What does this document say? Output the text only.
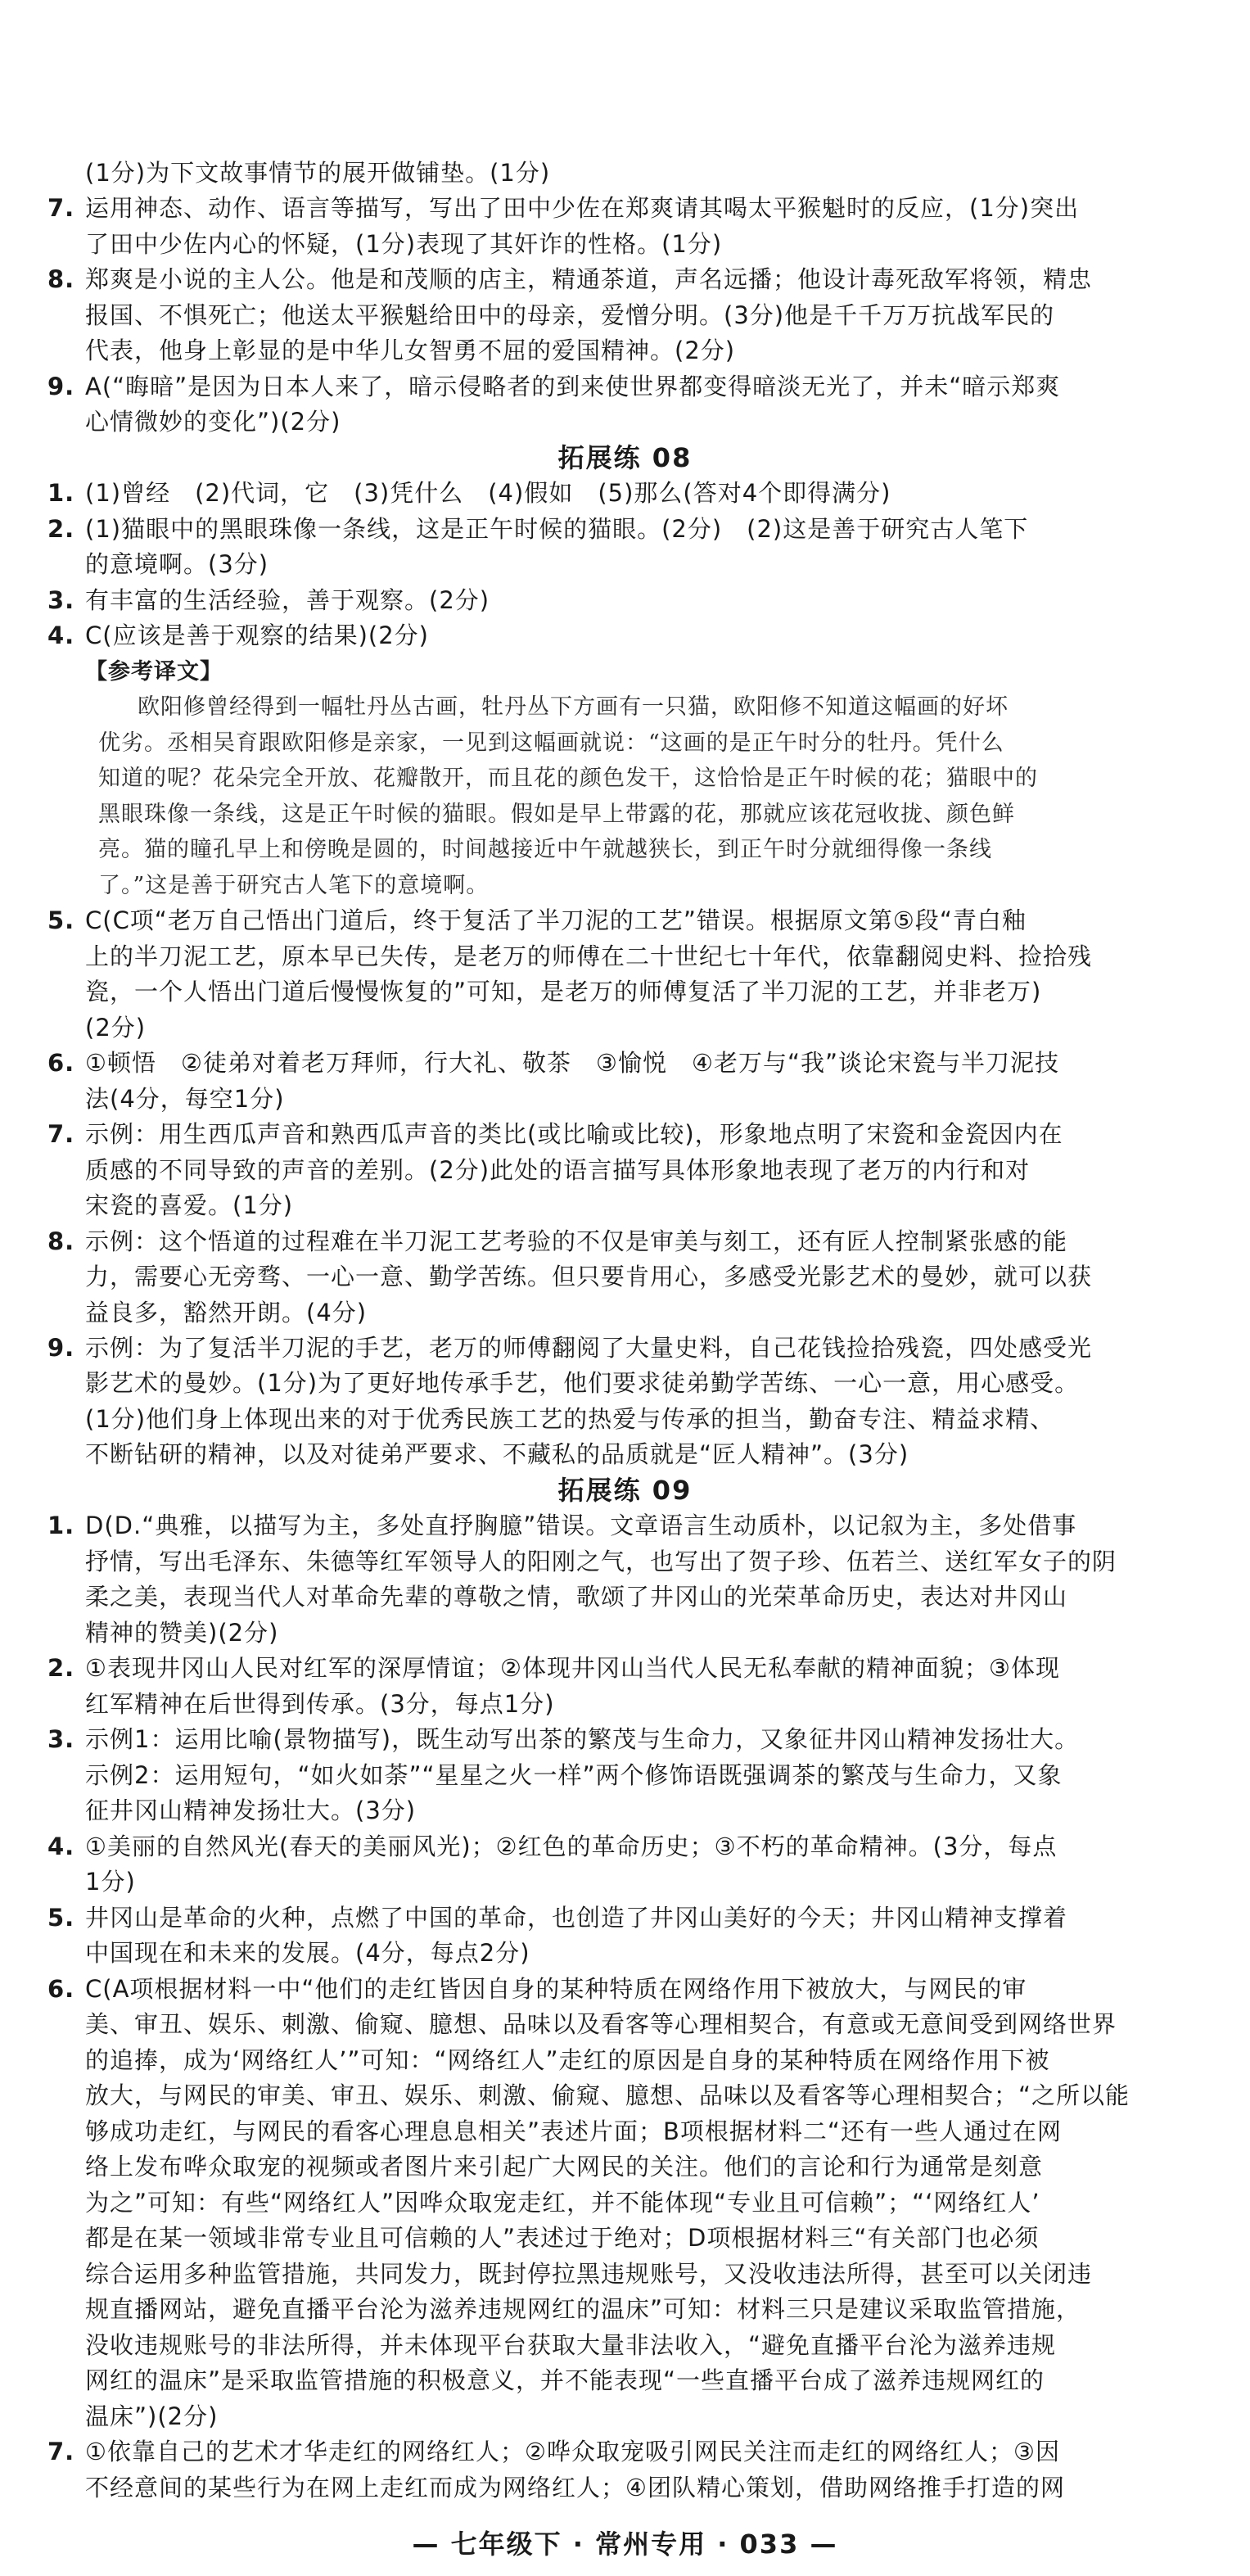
(1分)为下文故事情节的展开做铺垫。(1分)
7. 运用神态、动作、语言等描写，写出了田中少佐在郑爽请其喝太平猴魁时的反应，(1分)突出
了田中少佐内心的怀疑，(1分)表现了其奸诈的性格。(1分)
8. 郑爽是小说的主人公。他是和茂顺的店主，精通茶道，声名远播；他设计毒死敌军将领，精忠
报国、不惧死亡；他送太平猴魁给田中的母亲，爱憎分明。(3分)他是千千万万抗战军民的
代表，他身上彰显的是中华儿女智勇不屈的爱国精神。(2分)
9. A(“晦暗”是因为日本人来了，暗示侵略者的到来使世界都变得暗淡无光了，并未“暗示郑爽
心情微妙的变化”)(2分)
拓展练 08
1. (1)曾经　(2)代词，它　(3)凭什么　(4)假如　(5)那么(答对4个即得满分)
2. (1)猫眼中的黑眼珠像一条线，这是正午时候的猫眼。(2分)　(2)这是善于研究古人笔下
的意境啊。(3分)
3. 有丰富的生活经验，善于观察。(2分)
4. C(应该是善于观察的结果)(2分)
【参考译文】
欧阳修曾经得到一幅牡丹丛古画，牡丹丛下方画有一只猫，欧阳修不知道这幅画的好坏
优劣。丞相吴育跟欧阳修是亲家，一见到这幅画就说：“这画的是正午时分的牡丹。凭什么
知道的呢？花朵完全开放、花瓣散开，而且花的颜色发干，这恰恰是正午时候的花；猫眼中的
黑眼珠像一条线，这是正午时候的猫眼。假如是早上带露的花，那就应该花冠收拢、颜色鲜
亮。猫的瞳孔早上和傍晚是圆的，时间越接近中午就越狭长，到正午时分就细得像一条线
了。”这是善于研究古人笔下的意境啊。
5. C(C项“老万自己悟出门道后，终于复活了半刀泥的工艺”错误。根据原文第⑤段“青白釉
上的半刀泥工艺，原本早已失传，是老万的师傅在二十世纪七十年代，依靠翻阅史料、捡拾残
瓷，一个人悟出门道后慢慢恢复的”可知，是老万的师傅复活了半刀泥的工艺，并非老万)
(2分)
6. ①顿悟　②徒弟对着老万拜师，行大礼、敬茶　③愉悦　④老万与“我”谈论宋瓷与半刀泥技
法(4分，每空1分)
7. 示例：用生西瓜声音和熟西瓜声音的类比(或比喻或比较)，形象地点明了宋瓷和金瓷因内在
质感的不同导致的声音的差别。(2分)此处的语言描写具体形象地表现了老万的内行和对
宋瓷的喜爱。(1分)
8. 示例：这个悟道的过程难在半刀泥工艺考验的不仅是审美与刻工，还有匠人控制紧张感的能
力，需要心无旁骛、一心一意、勤学苦练。但只要肯用心，多感受光影艺术的曼妙，就可以获
益良多，豁然开朗。(4分)
9. 示例：为了复活半刀泥的手艺，老万的师傅翻阅了大量史料，自己花钱捡拾残瓷，四处感受光
影艺术的曼妙。(1分)为了更好地传承手艺，他们要求徒弟勤学苦练、一心一意，用心感受。
(1分)他们身上体现出来的对于优秀民族工艺的热爱与传承的担当，勤奋专注、精益求精、
不断钻研的精神，以及对徒弟严要求、不藏私的品质就是“匠人精神”。(3分)
拓展练 09
1. D(D.“典雅，以描写为主，多处直抒胸臆”错误。文章语言生动质朴，以记叙为主，多处借事
抒情，写出毛泽东、朱德等红军领导人的阳刚之气，也写出了贺子珍、伍若兰、送红军女子的阴
柔之美，表现当代人对革命先辈的尊敬之情，歌颂了井冈山的光荣革命历史，表达对井冈山
精神的赞美)(2分)
2. ①表现井冈山人民对红军的深厚情谊；②体现井冈山当代人民无私奉献的精神面貌；③体现
红军精神在后世得到传承。(3分，每点1分)
3. 示例1：运用比喻(景物描写)，既生动写出茶的繁茂与生命力，又象征井冈山精神发扬壮大。
示例2：运用短句，“如火如荼”“星星之火一样”两个修饰语既强调茶的繁茂与生命力，又象
征井冈山精神发扬壮大。(3分)
4. ①美丽的自然风光(春天的美丽风光)；②红色的革命历史；③不朽的革命精神。(3分，每点
1分)
5. 井冈山是革命的火种，点燃了中国的革命，也创造了井冈山美好的今天；井冈山精神支撑着
中国现在和未来的发展。(4分，每点2分)
6. C(A项根据材料一中“他们的走红皆因自身的某种特质在网络作用下被放大，与网民的审
美、审丑、娱乐、刺激、偷窥、臆想、品味以及看客等心理相契合，有意或无意间受到网络世界
的追捧，成为‘网络红人’”可知：“网络红人”走红的原因是自身的某种特质在网络作用下被
放大，与网民的审美、审丑、娱乐、刺激、偷窥、臆想、品味以及看客等心理相契合；“之所以能
够成功走红，与网民的看客心理息息相关”表述片面；B项根据材料二“还有一些人通过在网
络上发布哗众取宠的视频或者图片来引起广大网民的关注。他们的言论和行为通常是刻意
为之”可知：有些“网络红人”因哗众取宠走红，并不能体现“专业且可信赖”；“‘网络红人’
都是在某一领域非常专业且可信赖的人”表述过于绝对；D项根据材料三“有关部门也必须
综合运用多种监管措施，共同发力，既封停拉黑违规账号，又没收违法所得，甚至可以关闭违
规直播网站，避免直播平台沦为滋养违规网红的温床”可知：材料三只是建议采取监管措施，
没收违规账号的非法所得，并未体现平台获取大量非法收入，“避免直播平台沦为滋养违规
网红的温床”是采取监管措施的积极意义，并不能表现“一些直播平台成了滋养违规网红的
温床”)(2分)
7. ①依靠自己的艺术才华走红的网络红人；②哗众取宠吸引网民关注而走红的网络红人；③因
不经意间的某些行为在网上走红而成为网络红人；④团队精心策划，借助网络推手打造的网
— 七年级下 · 常州专用 · 033 —
